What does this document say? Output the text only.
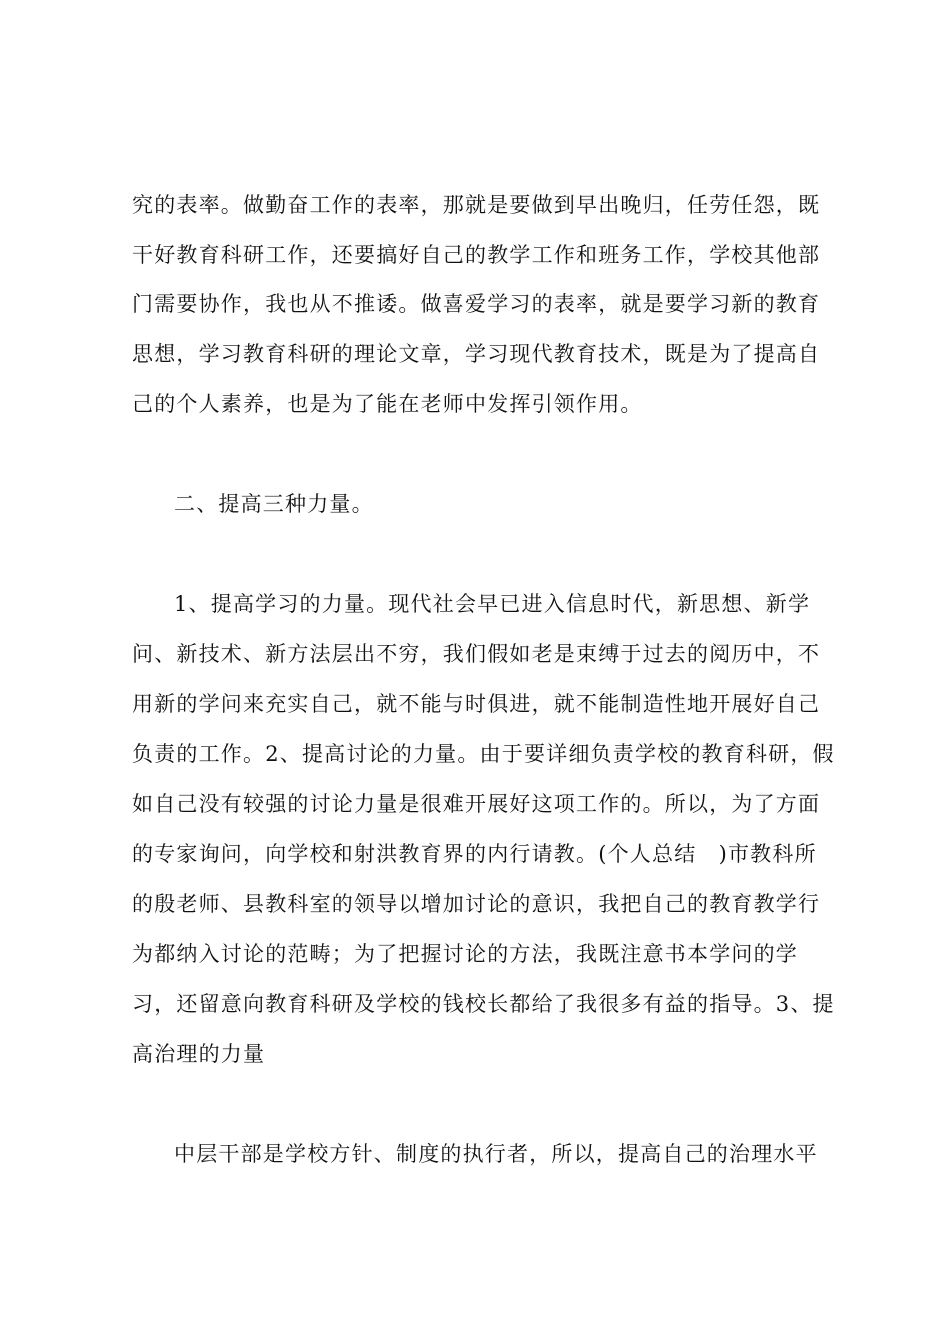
究的表率。做勤奋工作的表率，那就是要做到早出晚归，任劳任怨，既
干好教育科研工作，还要搞好自己的教学工作和班务工作，学校其他部
门需要协作，我也从不推诿。做喜爱学习的表率，就是要学习新的教育
思想，学习教育科研的理论文章，学习现代教育技术，既是为了提高自
己的个人素养，也是为了能在老师中发挥引领作用。
二、提高三种力量。
1、提高学习的力量。现代社会早已进入信息时代，新思想、新学
问、新技术、新方法层出不穷，我们假如老是束缚于过去的阅历中，不
用新的学问来充实自己，就不能与时俱进，就不能制造性地开展好自己
负责的工作。2、提高讨论的力量。由于要详细负责学校的教育科研，假
如自己没有较强的讨论力量是很难开展好这项工作的。所以，为了方面
的专家询问，向学校和射洪教育界的内行请教。(个人总结　)市教科所
的殷老师、县教科室的领导以增加讨论的意识，我把自己的教育教学行
为都纳入讨论的范畴；为了把握讨论的方法，我既注意书本学问的学
习，还留意向教育科研及学校的钱校长都给了我很多有益的指导。3、提
高治理的力量
中层干部是学校方针、制度的执行者，所以，提高自己的治理水平
